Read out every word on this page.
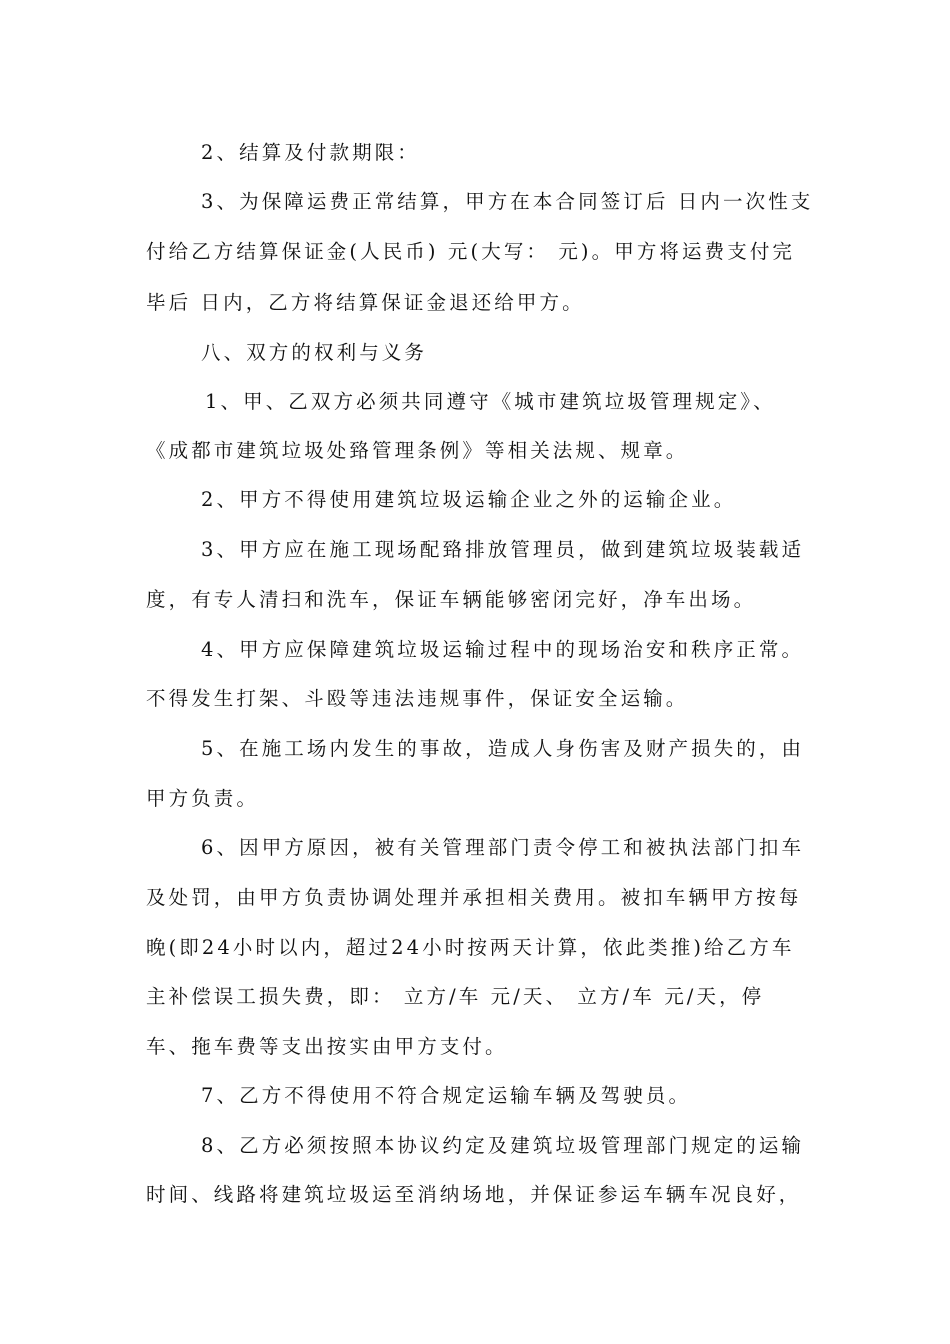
2、结算及付款期限：
3、为保障运费正常结算，甲方在本合同签订后 日内一次性支
付给乙方结算保证金(人民币) 元(大写： 元)。甲方将运费支付完
毕后 日内，乙方将结算保证金退还给甲方。
八、双方的权利与义务
1、甲、乙双方必须共同遵守《城市建筑垃圾管理规定》、
《成都市建筑垃圾处臵管理条例》等相关法规、规章。
2、甲方不得使用建筑垃圾运输企业之外的运输企业。
3、甲方应在施工现场配臵排放管理员，做到建筑垃圾装载适
度，有专人清扫和洗车，保证车辆能够密闭完好，净车出场。
4、甲方应保障建筑垃圾运输过程中的现场治安和秩序正常。
不得发生打架、斗殴等违法违规事件，保证安全运输。
5、在施工场内发生的事故，造成人身伤害及财产损失的，由
甲方负责。
6、因甲方原因，被有关管理部门责令停工和被执法部门扣车
及处罚，由甲方负责协调处理并承担相关费用。被扣车辆甲方按每
晚(即24小时以内，超过24小时按两天计算，依此类推)给乙方车
主补偿误工损失费，即： 立方/车 元/天、 立方/车 元/天，停
车、拖车费等支出按实由甲方支付。
7、乙方不得使用不符合规定运输车辆及驾驶员。
8、乙方必须按照本协议约定及建筑垃圾管理部门规定的运输
时间、线路将建筑垃圾运至消纳场地，并保证参运车辆车况良好，
